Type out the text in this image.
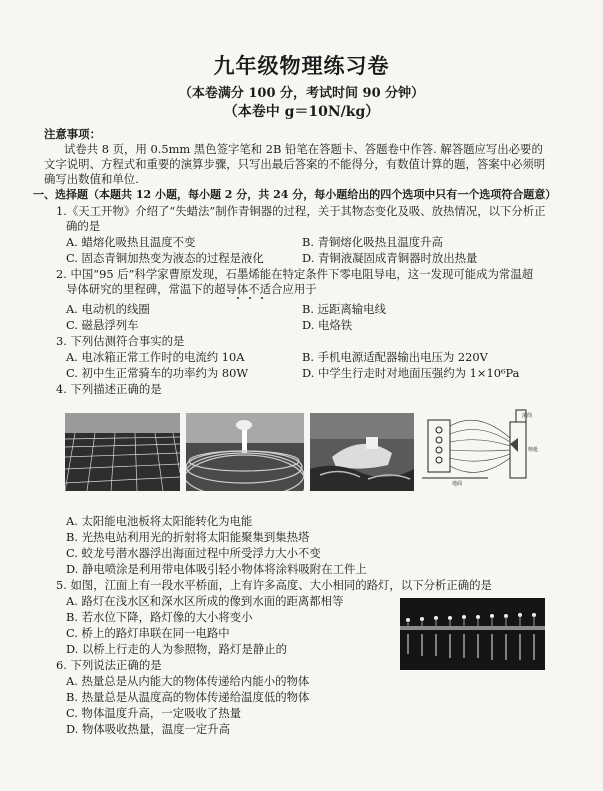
九年级物理练习卷
（本卷满分 100 分，考试时间 90 分钟）
（本卷中 g＝10N/kg）
注意事项：
试卷共 8 页，用 0.5mm 黑色签字笔和 2B 铅笔在答题卡、答题卷中作答. 解答题应写出必要的
文字说明、方程式和重要的演算步骤，只写出最后答案的不能得分，有数值计算的题，答案中必须明
确写出数值和单位.
一、选择题（本题共 12 小题，每小题 2 分，共 24 分，每小题给出的四个选项中只有一个选项符合题意）
1.《天工开物》介绍了“失蜡法”制作青铜器的过程，关于其物态变化及吸、放热情况，以下分析正
确的是
A. 蜡熔化吸热且温度不变	B. 青铜熔化吸热且温度升高
C. 固态青铜加热变为液态的过程是液化	D. 青铜液凝固成青铜器时放出热量
2. 中国“95 后”科学家曹原发现，石墨烯能在特定条件下零电阻导电，这一发现可能成为常温超
导体研究的里程碑，常温下的超导体不适合应用于
A. 电动机的线圈	B. 远距离输电线
C. 磁悬浮列车	D. 电烙铁
3. 下列估测符合事实的是
A. 电冰箱正常工作时的电流约 10A	B. 手机电源适配器输出电压为 220V
C. 初中生正常骑车的功率约为 80W	D. 中学生行走时对地面压强约为 1×10⁶Pa
4. 下列描述正确的是
滚筒
喷枪
地面
A. 太阳能电池板将太阳能转化为电能
B. 光热电站利用光的折射将太阳能聚集到集热塔
C. 蛟龙号潜水器浮出海面过程中所受浮力大小不变
D. 静电喷涂是利用带电体吸引轻小物体将涂料吸附在工件上
5. 如图，江面上有一段水平桥面，上有许多高度、大小相同的路灯，以下分析正确的是
A. 路灯在浅水区和深水区所成的像到水面的距离都相等
B. 若水位下降，路灯像的大小将变小
C. 桥上的路灯串联在同一电路中
D. 以桥上行走的人为参照物，路灯是静止的
6. 下列说法正确的是
A. 热量总是从内能大的物体传递给内能小的物体
B. 热量总是从温度高的物体传递给温度低的物体
C. 物体温度升高，一定吸收了热量
D. 物体吸收热量，温度一定升高
